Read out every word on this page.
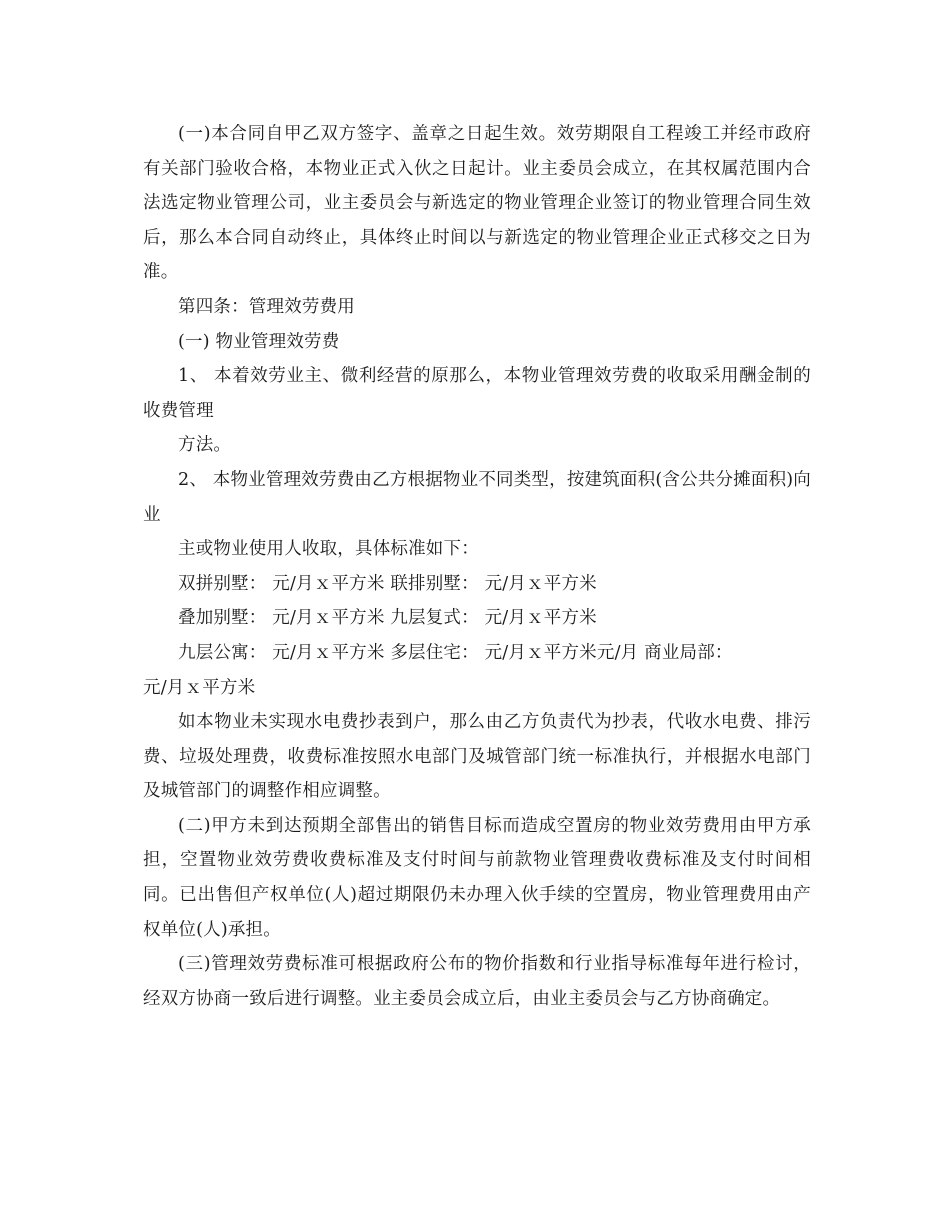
(一)本合同自甲乙双方签字、盖章之日起生效。效劳期限自工程竣工并经市政府有关部门验收合格，本物业正式入伙之日起计。业主委员会成立，在其权属范围内合法选定物业管理公司，业主委员会与新选定的物业管理企业签订的物业管理合同生效后，那么本合同自动终止，具体终止时间以与新选定的物业管理企业正式移交之日为准。

第四条：管理效劳费用

(一) 物业管理效劳费

1、 本着效劳业主、微利经营的原那么，本物业管理效劳费的收取采用酬金制的收费管理

方法。

2、 本物业管理效劳费由乙方根据物业不同类型，按建筑面积(含公共分摊面积)向业

主或物业使用人收取，具体标准如下：

双拼别墅： 元/月ｘ平方米 联排别墅： 元/月ｘ平方米

叠加别墅： 元/月ｘ平方米 九层复式： 元/月ｘ平方米

九层公寓： 元/月ｘ平方米 多层住宅： 元/月ｘ平方米元/月 商业局部：

元/月ｘ平方米

如本物业未实现水电费抄表到户，那么由乙方负责代为抄表，代收水电费、排污费、垃圾处理费，收费标准按照水电部门及城管部门统一标准执行，并根据水电部门及城管部门的调整作相应调整。

(二)甲方未到达预期全部售出的销售目标而造成空置房的物业效劳费用由甲方承担，空置物业效劳费收费标准及支付时间与前款物业管理费收费标准及支付时间相同。已出售但产权单位(人)超过期限仍未办理入伙手续的空置房，物业管理费用由产权单位(人)承担。

(三)管理效劳费标准可根据政府公布的物价指数和行业指导标准每年进行检讨，经双方协商一致后进行调整。业主委员会成立后，由业主委员会与乙方协商确定。
